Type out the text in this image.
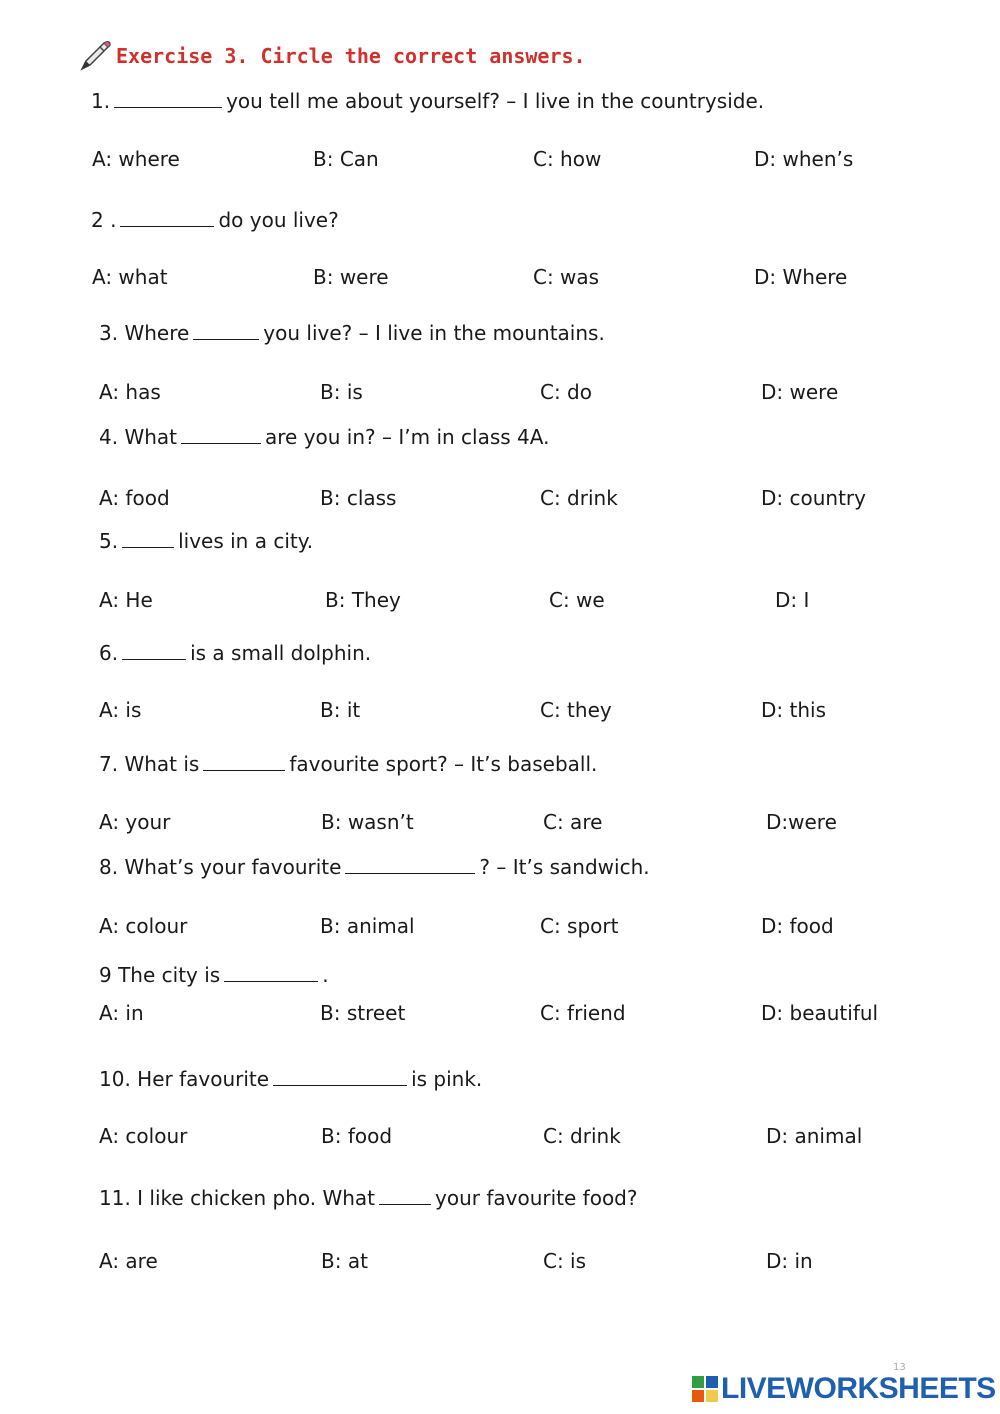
Exercise 3. Circle the correct answers.
1.	you tell me about yourself? – I live in the countryside.
A: where	B: Can	C: how	D: when’s
2 .	do you live?
A: what	B: were	C: was	D: Where
3. Where	you live? – I live in the mountains.
A: has	B: is	C: do	D: were
4. What	are you in? – I’m in class 4A.
A: food	B: class	C: drink	D: country
5.	lives in a city.
A: He	B: They	C: we	D: I
6.	is a small dolphin.
A: is	B: it	C: they	D: this
7. What is	favourite sport? – It’s baseball.
A: your	B: wasn’t	C: are	D:were
8. What’s your favourite	? – It’s sandwich.
A: colour	B: animal	C: sport	D: food
9 The city is	.
A: in	B: street	C: friend	D: beautiful
10. Her favourite	is pink.
A: colour	B: food	C: drink	D: animal
11. I like chicken pho. What	your favourite food?
A: are	B: at	C: is	D: in
13
LIVEWORKSHEETS
